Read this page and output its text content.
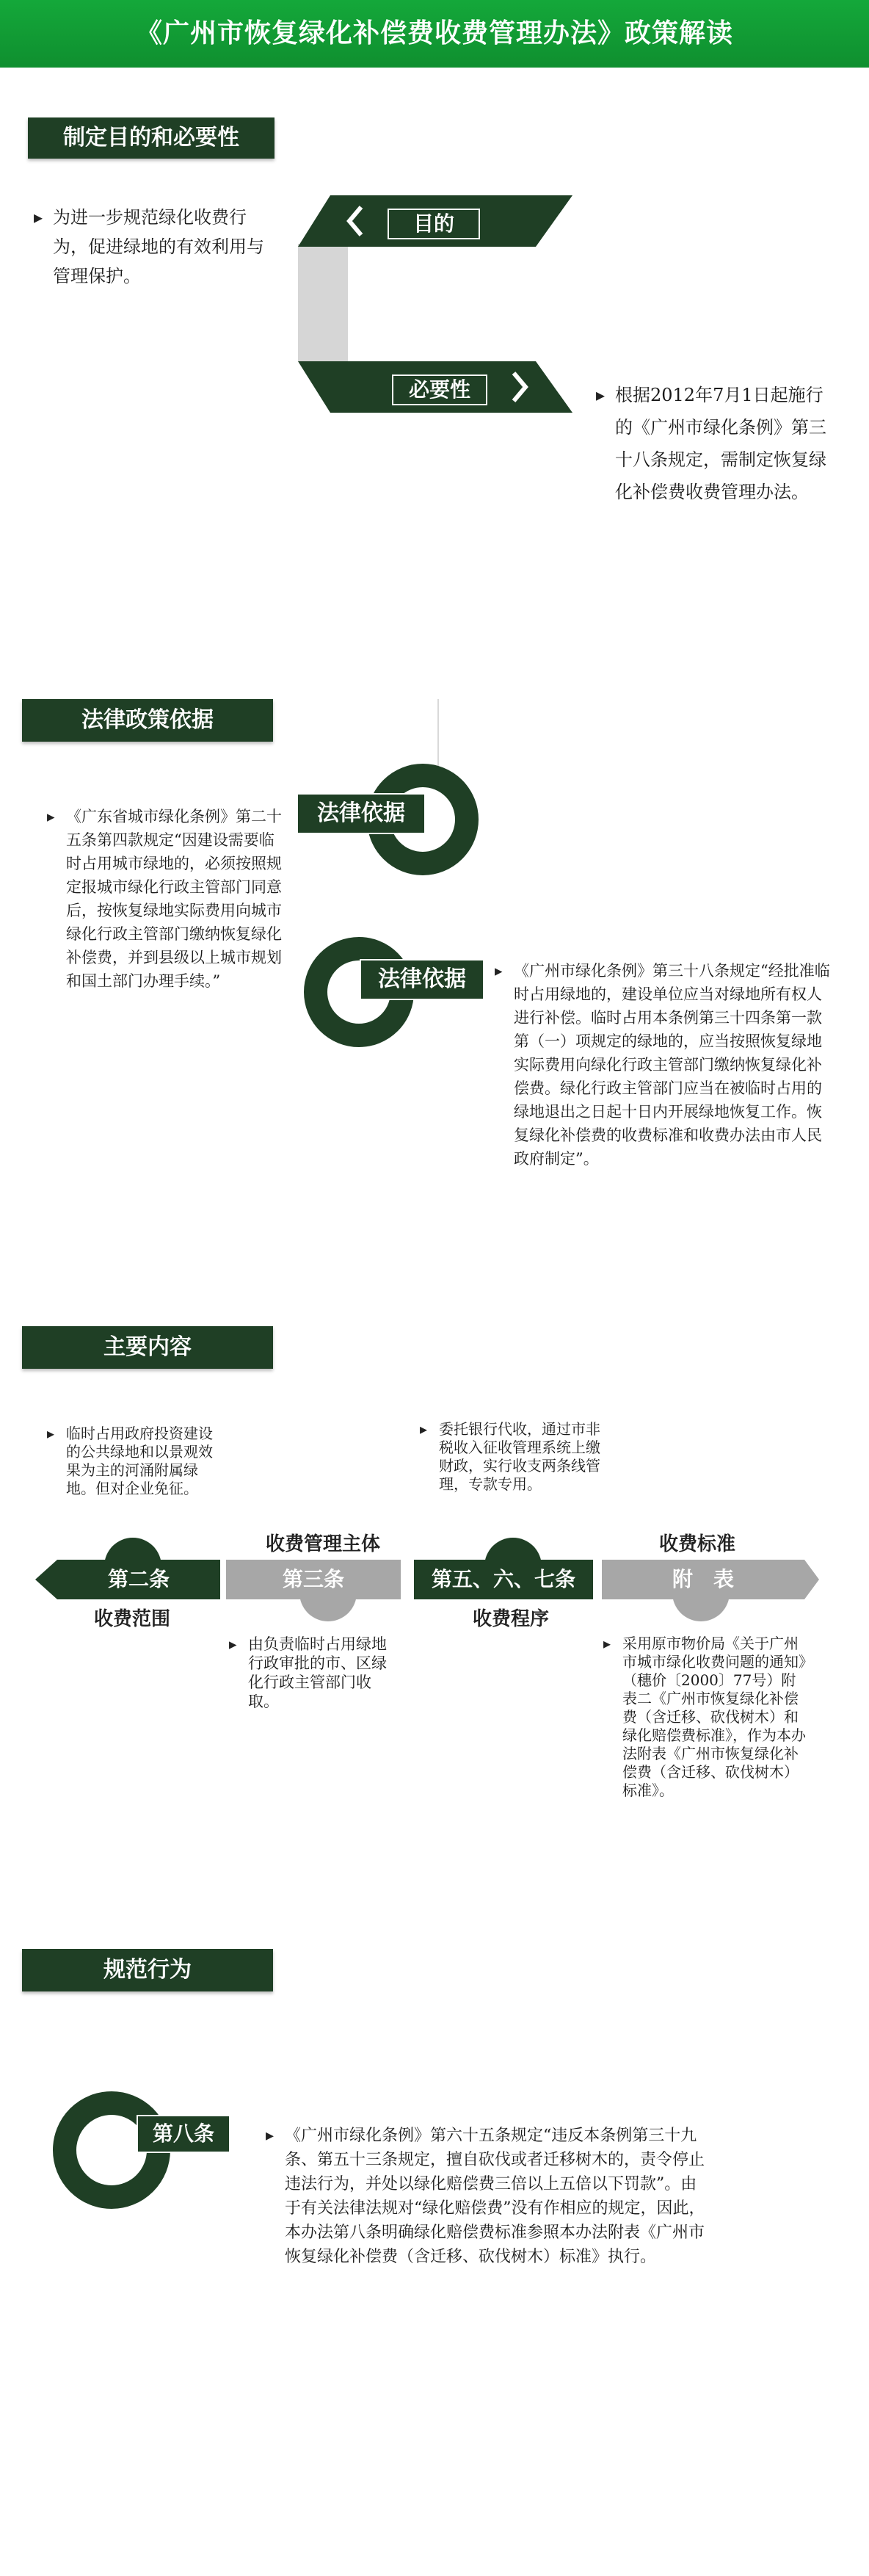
《广州市恢复绿化补偿费收费管理办法》政策解读
制定目的和必要性
▸ 为进一步规范绿化收费行为，促进绿地的有效利用与管理保护。
目的
必要性	▸ 根据2012年7月1日起施行的《广州市绿化条例》第三十八条规定，需制定恢复绿化补偿费收费管理办法。
法律政策依据
▸ 《广东省城市绿化条例》第二十五条第四款规定“因建设需要临时占用城市绿地的，必须按照规定报城市绿化行政主管部门同意后，按恢复绿地实际费用向城市绿化行政主管部门缴纳恢复绿化补偿费，并到县级以上城市规划和国土部门办理手续。”
法律依据
法律依据	▸ 《广州市绿化条例》第三十八条规定“经批准临时占用绿地的，建设单位应当对绿地所有权人进行补偿。临时占用本条例第三十四条第一款第（一）项规定的绿地的，应当按照恢复绿地实际费用向绿化行政主管部门缴纳恢复绿化补偿费。绿化行政主管部门应当在被临时占用的绿地退出之日起十日内开展绿地恢复工作。恢复绿化补偿费的收费标准和收费办法由市人民政府制定”。
主要内容
▸ 临时占用政府投资建设的公共绿地和以景观效果为主的河涌附属绿地。但对企业免征。
▸ 委托银行代收，通过市非税收入征收管理系统上缴财政，实行收支两条线管理，专款专用。
第二条	第三条	第五、六、七条	附　表
收费范围
收费管理主体
收费程序
收费标准
▸ 由负责临时占用绿地行政审批的市、区绿化行政主管部门收取。
▸ 采用原市物价局《关于广州市城市绿化收费问题的通知》（穗价〔2000〕77号）附表二《广州市恢复绿化补偿费（含迁移、砍伐树木）和绿化赔偿费标准》，作为本办法附表《广州市恢复绿化补偿费（含迁移、砍伐树木）标准》。
规范行为
第八条	▸ 《广州市绿化条例》第六十五条规定“违反本条例第三十九条、第五十三条规定，擅自砍伐或者迁移树木的，责令停止违法行为，并处以绿化赔偿费三倍以上五倍以下罚款”。由于有关法律法规对“绿化赔偿费”没有作相应的规定，因此，本办法第八条明确绿化赔偿费标准参照本办法附表《广州市恢复绿化补偿费（含迁移、砍伐树木）标准》执行。
